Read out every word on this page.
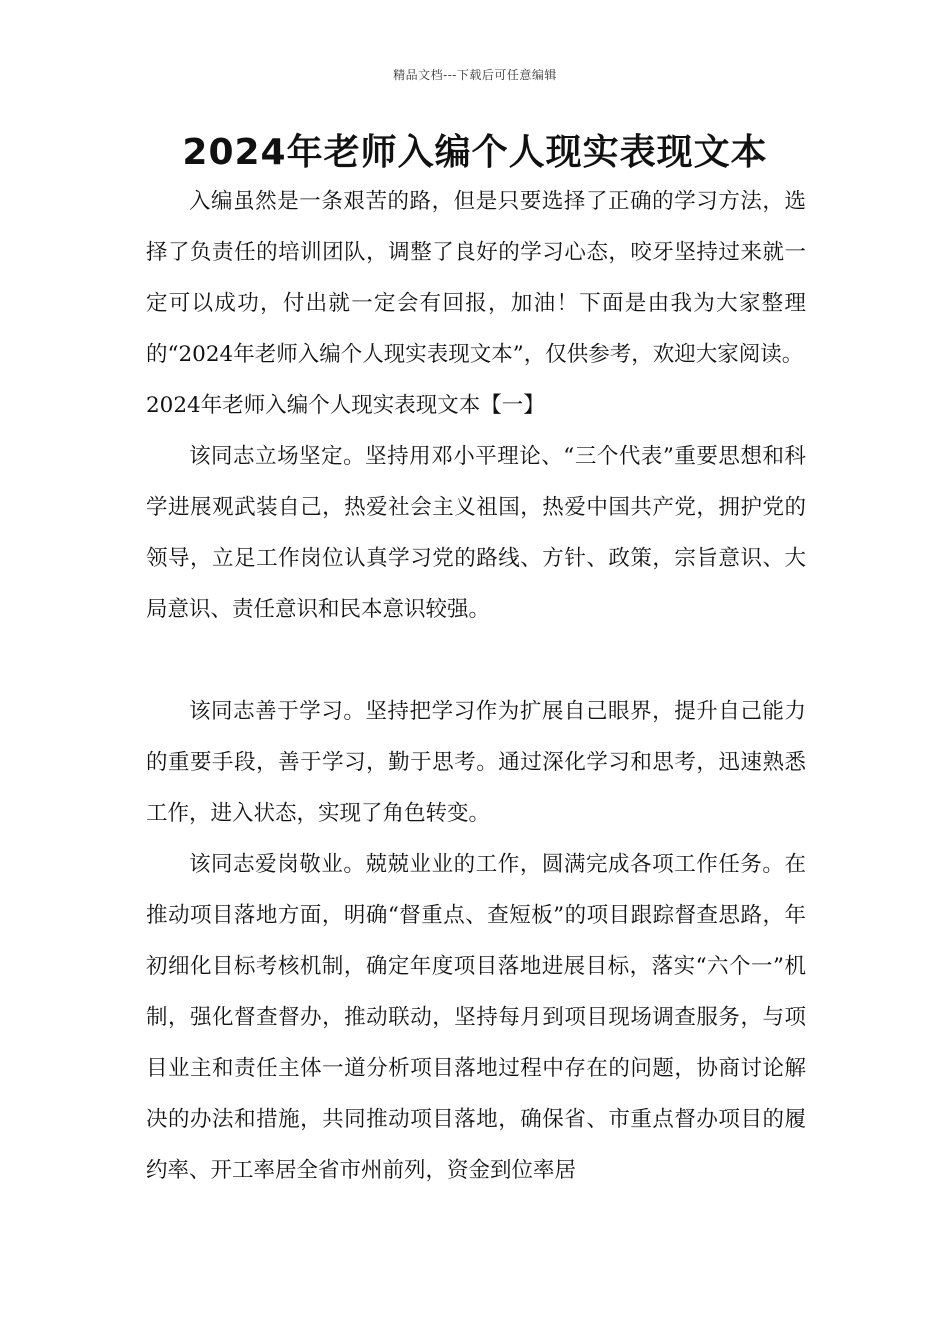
精品文档---下载后可任意编辑
2024年老师入编个人现实表现文本

入编虽然是一条艰苦的路，但是只要选择了正确的学习方法，选择了负责任的培训团队，调整了良好的学习心态，咬牙坚持过来就一定可以成功，付出就一定会有回报，加油！下面是由我为大家整理的“2024年老师入编个人现实表现文本”，仅供参考，欢迎大家阅读。

2024年老师入编个人现实表现文本【一】

该同志立场坚定。坚持用邓小平理论、“三个代表”重要思想和科学进展观武装自己，热爱社会主义祖国，热爱中国共产党，拥护党的领导，立足工作岗位认真学习党的路线、方针、政策，宗旨意识、大局意识、责任意识和民本意识较强。

该同志善于学习。坚持把学习作为扩展自己眼界，提升自己能力的重要手段，善于学习，勤于思考。通过深化学习和思考，迅速熟悉工作，进入状态，实现了角色转变。

该同志爱岗敬业。兢兢业业的工作，圆满完成各项工作任务。在推动项目落地方面，明确“督重点、查短板”的项目跟踪督查思路，年初细化目标考核机制，确定年度项目落地进展目标，落实“六个一”机制，强化督查督办，推动联动，坚持每月到项目现场调查服务，与项目业主和责任主体一道分析项目落地过程中存在的问题，协商讨论解决的办法和措施，共同推动项目落地，确保省、市重点督办项目的履约率、开工率居全省市州前列，资金到位率居
